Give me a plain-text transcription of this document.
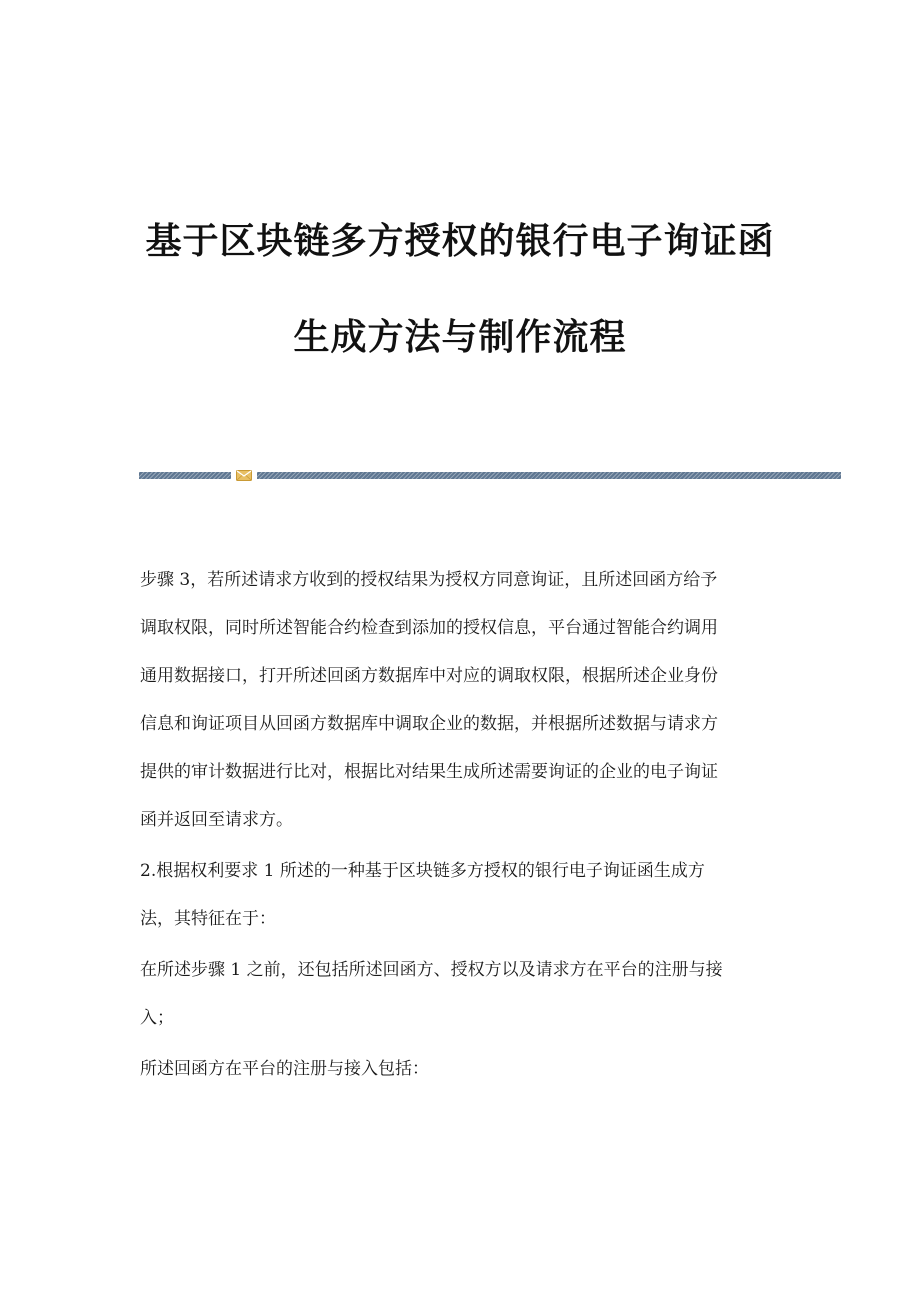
基于区块链多方授权的银行电子询证函
生成方法与制作流程
步骤 3，若所述请求方收到的授权结果为授权方同意询证，且所述回函方给予
调取权限，同时所述智能合约检查到添加的授权信息，平台通过智能合约调用
通用数据接口，打开所述回函方数据库中对应的调取权限，根据所述企业身份
信息和询证项目从回函方数据库中调取企业的数据，并根据所述数据与请求方
提供的审计数据进行比对，根据比对结果生成所述需要询证的企业的电子询证
函并返回至请求方。
2.根据权利要求 1 所述的一种基于区块链多方授权的银行电子询证函生成方
法，其特征在于：
在所述步骤 1 之前，还包括所述回函方、授权方以及请求方在平台的注册与接
入；
所述回函方在平台的注册与接入包括：
